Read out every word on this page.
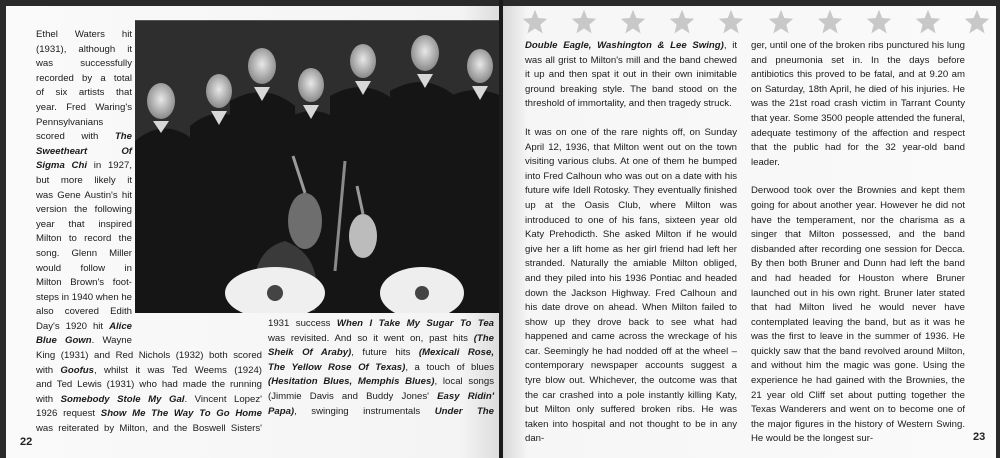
Ethel Waters hit
(1931), although it
was successfully
recorded by a total
of six artists that
year. Fred Waring's
Pennsylvanians
scored with The
Sweetheart Of
Sigma Chi in 1927,
but more likely it
was Gene Austin's hit
version the following
year that inspired
Milton to record the
song. Glenn Miller
would follow in
Milton Brown's foot-
steps in 1940 when he
also covered Edith
Day's 1920 hit Alice
Blue Gown. Wayne
King (1931) and Red Nichols (1932) both scored
with Goofus, whilst it was Ted Weems (1924)
and Ted Lewis (1931) who had made the running
with Somebody Stole My Gal. Vincent Lopez'
1926 request Show Me The Way To Go Home
was reiterated by Milton, and the Boswell Sisters'
1931 success When I Take My Sugar To Tea
was revisited. And so it went on, past hits (The
Sheik Of Araby), future hits (Mexicali Rose,
The Yellow Rose Of Texas), a touch of blues
(Hesitation Blues, Memphis Blues), local songs
(Jimmie Davis and Buddy Jones' Easy Ridin'
Papa), swinging instrumentals Under The
22

Double Eagle, Washington & Lee Swing), it was all grist to Milton's mill and the band chewed it up and then spat it out in their own inimitable ground breaking style. The band stood on the threshold of immortality, and then tragedy struck.

It was on one of the rare nights off, on Sunday April 12, 1936, that Milton went out on the town visiting various clubs. At one of them he bumped into Fred Calhoun who was out on a date with his future wife Idell Rotosky. They eventually finished up at the Oasis Club, where Milton was introduced to one of his fans, sixteen year old Katy Prehodicth. She asked Milton if he would give her a lift home as her girl friend had left her stranded. Naturally the amiable Milton obliged, and they piled into his 1936 Pontiac and headed down the Jackson Highway. Fred Calhoun and his date drove on ahead. When Milton failed to show up they drove back to see what had happened and came across the wreckage of his car. Seemingly he had nodded off at the wheel – contemporary newspaper accounts suggest a tyre blow out. Whichever, the outcome was that the car crashed into a pole instantly killing Katy, but Milton only suffered broken ribs. He was taken into hospital and not thought to be in any dan-

ger, until one of the broken ribs punctured his lung and pneumonia set in. In the days before antibiotics this proved to be fatal, and at 9.20 am on Saturday, 18th April, he died of his injuries. He was the 21st road crash victim in Tarrant County that year. Some 3500 people attended the funeral, adequate testimony of the affection and respect that the public had for the 32 year-old band leader.

Derwood took over the Brownies and kept them going for about another year. However he did not have the temperament, nor the charisma as a singer that Milton possessed, and the band disbanded after recording one session for Decca. By then both Bruner and Dunn had left the band and had headed for Houston where Bruner launched out in his own right. Bruner later stated that had Milton lived he would never have contemplated leaving the band, but as it was he was the first to leave in the summer of 1936. He quickly saw that the band revolved around Milton, and without him the magic was gone. Using the experience he had gained with the Brownies, the 21 year old Cliff set about putting together the Texas Wanderers and went on to become one of the major figures in the history of Western Swing. He would be the longest sur-	23
